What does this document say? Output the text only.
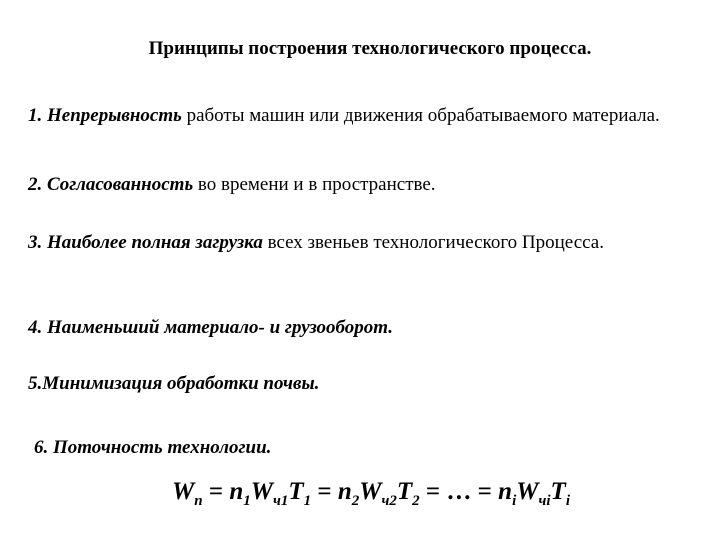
Принципы построения технологического процесса.
1. Непрерывность работы машин или движения обрабатываемого материала.
2. Согласованность во времени и в пространстве.
3. Наиболее полная загрузка всех звеньев технологического Процесса.
4. Наименьший материало- и грузооборот.
5.Минимизация обработки почвы.
6. Поточность технологии.
$W_n = n_1W_{ч1}T_1 = n_2W_{ч2}T_2$ = … = $n_iW_{чi}T_i$
